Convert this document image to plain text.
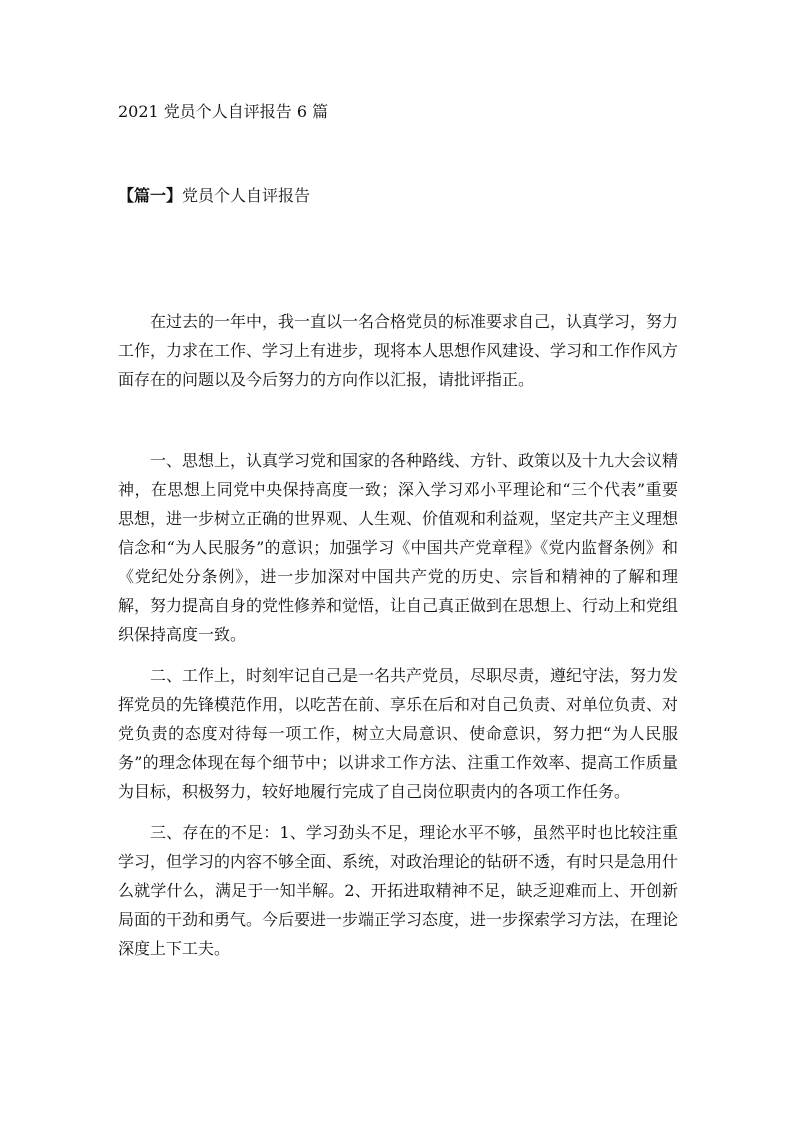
2021 党员个人自评报告 6 篇
【篇一】党员个人自评报告

在过去的一年中，我一直以一名合格党员的标准要求自己，认真学习，努力工作，力求在工作、学习上有进步，现将本人思想作风建设、学习和工作作风方面存在的问题以及今后努力的方向作以汇报，请批评指正。

一、思想上，认真学习党和国家的各种路线、方针、政策以及十九大会议精神，在思想上同党中央保持高度一致；深入学习邓小平理论和“三个代表”重要思想，进一步树立正确的世界观、人生观、价值观和利益观，坚定共产主义理想信念和“为人民服务”的意识；加强学习《中国共产党章程》《党内监督条例》和《党纪处分条例》，进一步加深对中国共产党的历史、宗旨和精神的了解和理解，努力提高自身的党性修养和觉悟，让自己真正做到在思想上、行动上和党组织保持高度一致。

二、工作上，时刻牢记自己是一名共产党员，尽职尽责，遵纪守法，努力发挥党员的先锋模范作用，以吃苦在前、享乐在后和对自己负责、对单位负责、对党负责的态度对待每一项工作，树立大局意识、使命意识，努力把“为人民服务”的理念体现在每个细节中；以讲求工作方法、注重工作效率、提高工作质量为目标，积极努力，较好地履行完成了自己岗位职责内的各项工作任务。

三、存在的不足：1、学习劲头不足，理论水平不够，虽然平时也比较注重学习，但学习的内容不够全面、系统，对政治理论的钻研不透，有时只是急用什么就学什么，满足于一知半解。2、开拓进取精神不足，缺乏迎难而上、开创新局面的干劲和勇气。今后要进一步端正学习态度，进一步探索学习方法，在理论深度上下工夫。
